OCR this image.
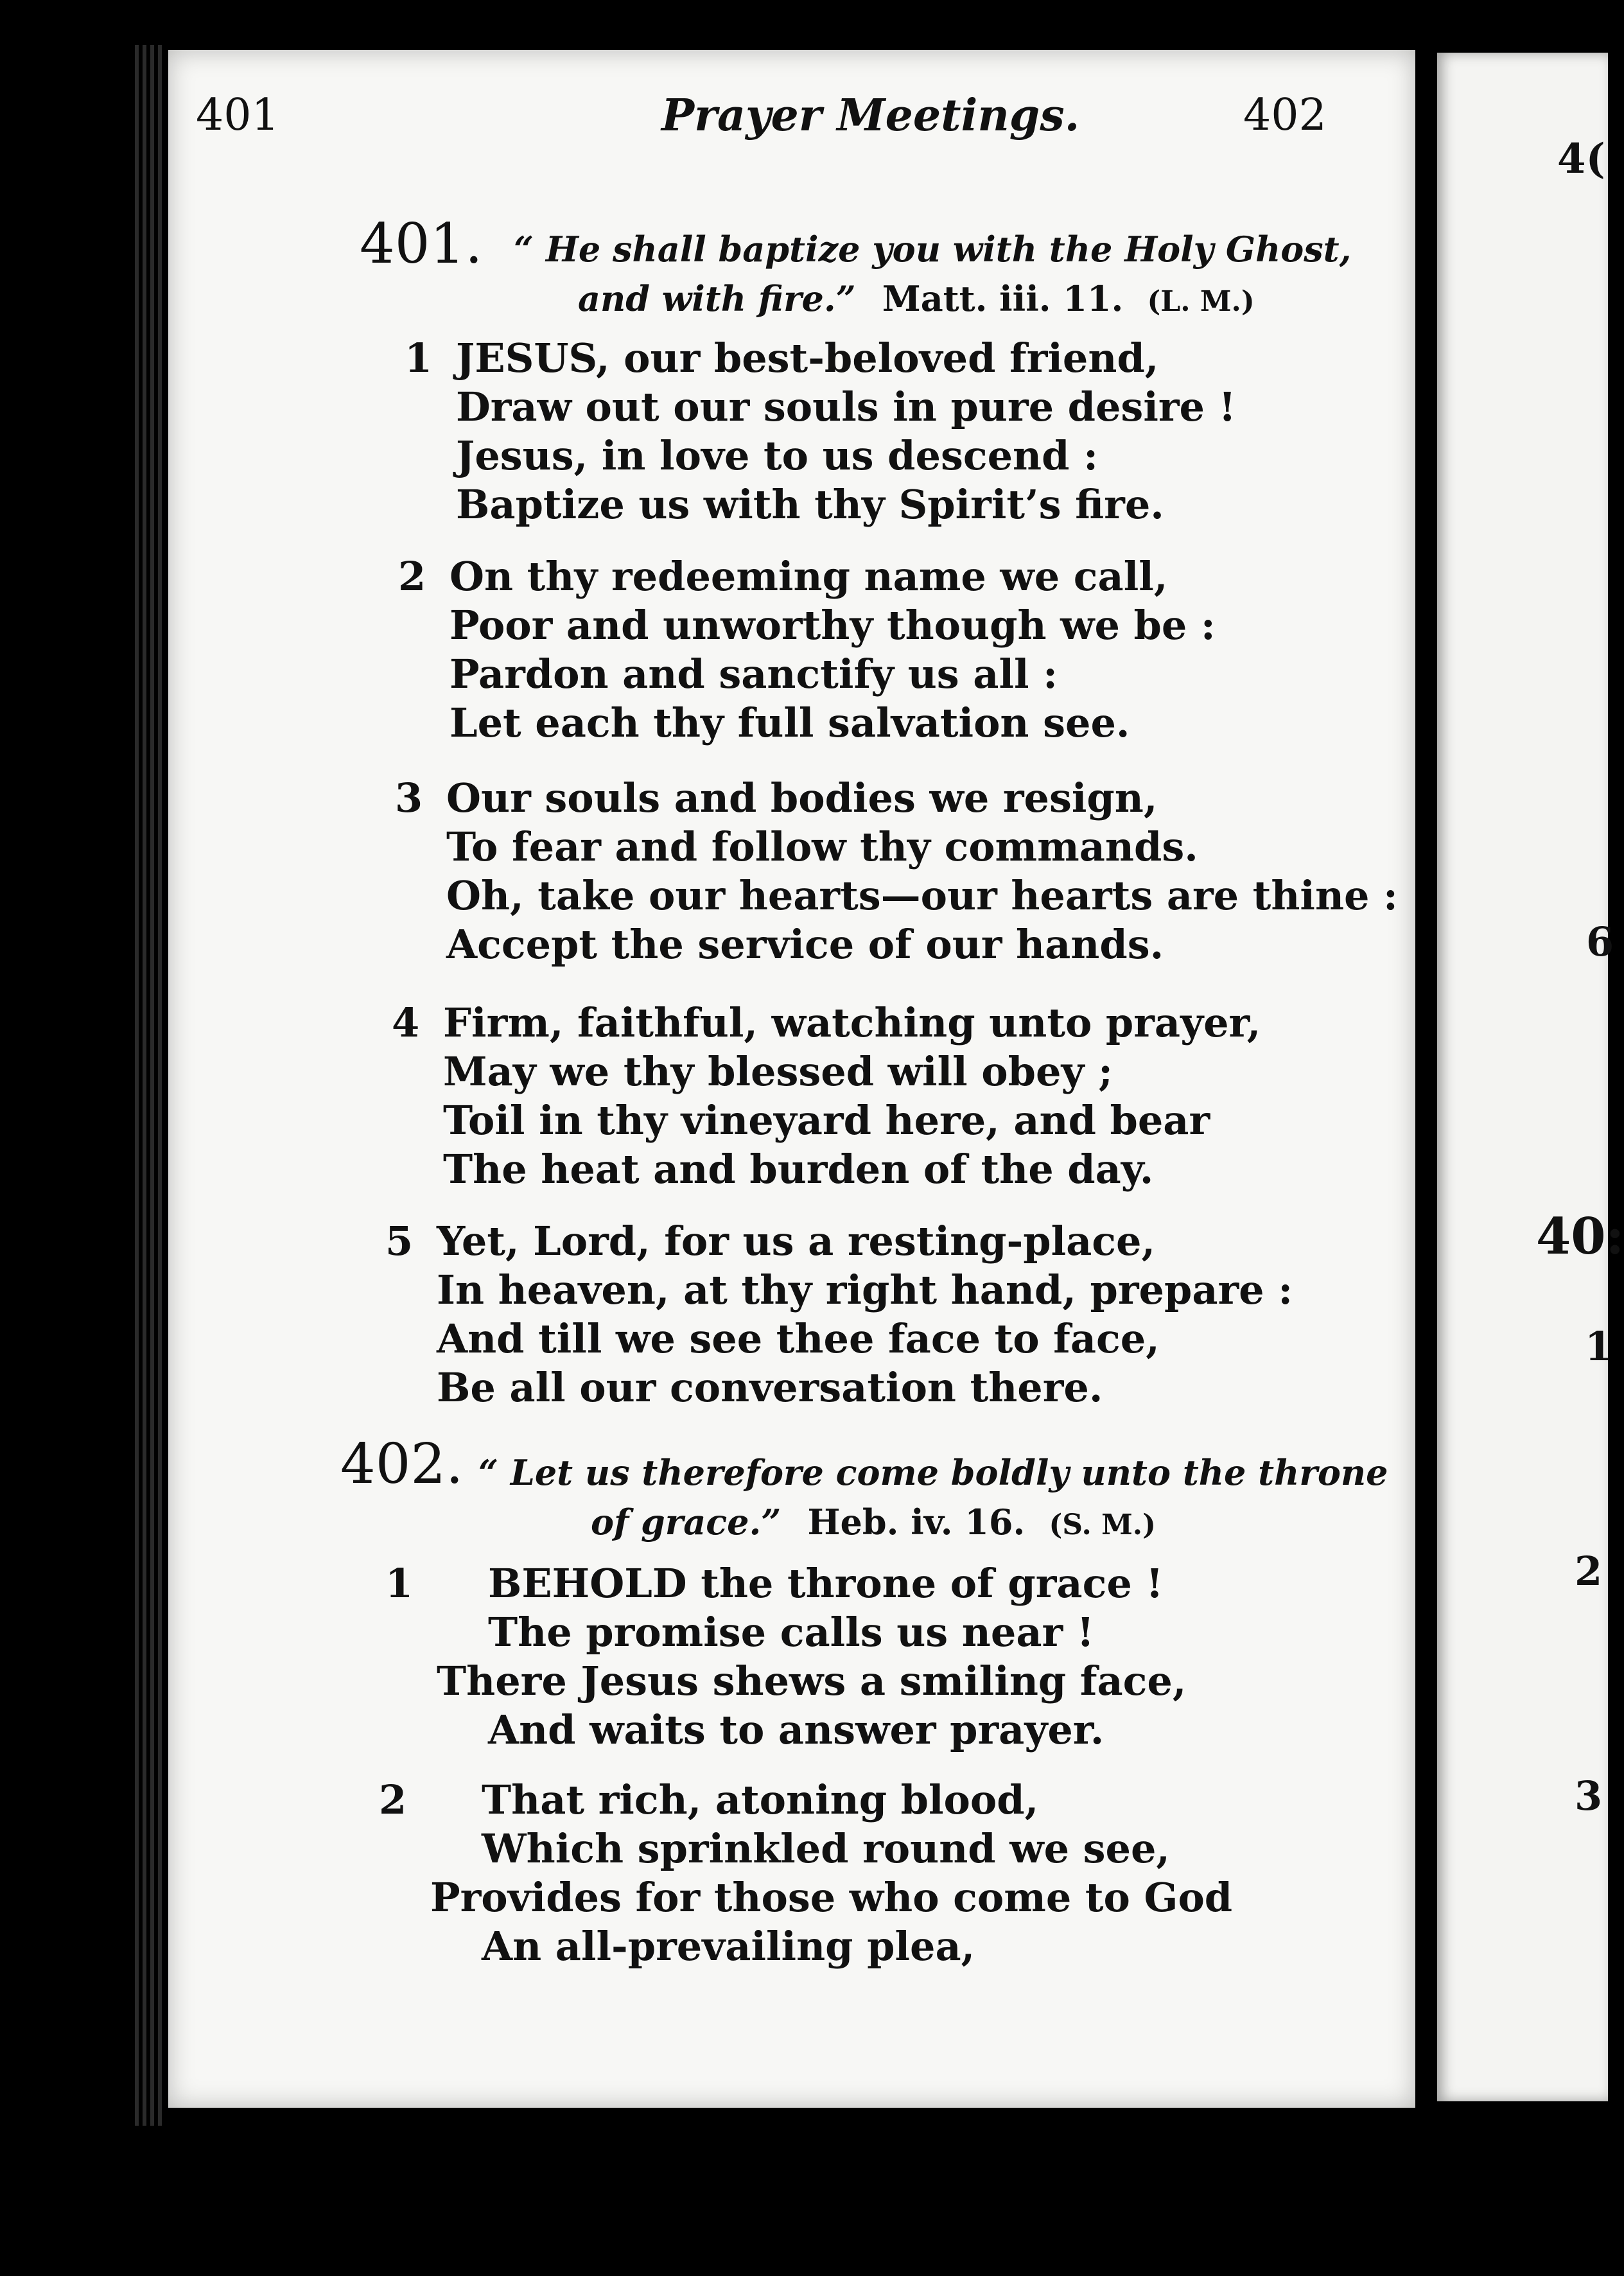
401	Prayer Meetings.	402
401. “ He shall baptize you with the Holy Ghost,
and with fire.” Matt. iii. 11. (L. M.)
1 JESUS, our best-beloved friend,
Draw out our souls in pure desire !
Jesus, in love to us descend :
Baptize us with thy Spirit’s fire.
2 On thy redeeming name we call,
Poor and unworthy though we be :
Pardon and sanctify us all :
Let each thy full salvation see.
3 Our souls and bodies we resign,
To fear and follow thy commands.
Oh, take our hearts—our hearts are thine :
Accept the service of our hands.
4 Firm, faithful, watching unto prayer,
May we thy blessed will obey ;
Toil in thy vineyard here, and bear
The heat and burden of the day.
5 Yet, Lord, for us a resting-place,
In heaven, at thy right hand, prepare :
And till we see thee face to face,
Be all our conversation there.
402. “ Let us therefore come boldly unto the throne
of grace.” Heb. iv. 16. (S. M.)
1 BEHOLD the throne of grace !
The promise calls us near !
There Jesus shews a smiling face,
And waits to answer prayer.
2 That rich, atoning blood,
Which sprinkled round we see,
Provides for those who come to God
An all-prevailing plea,
4(
6
40:
1
2
3
